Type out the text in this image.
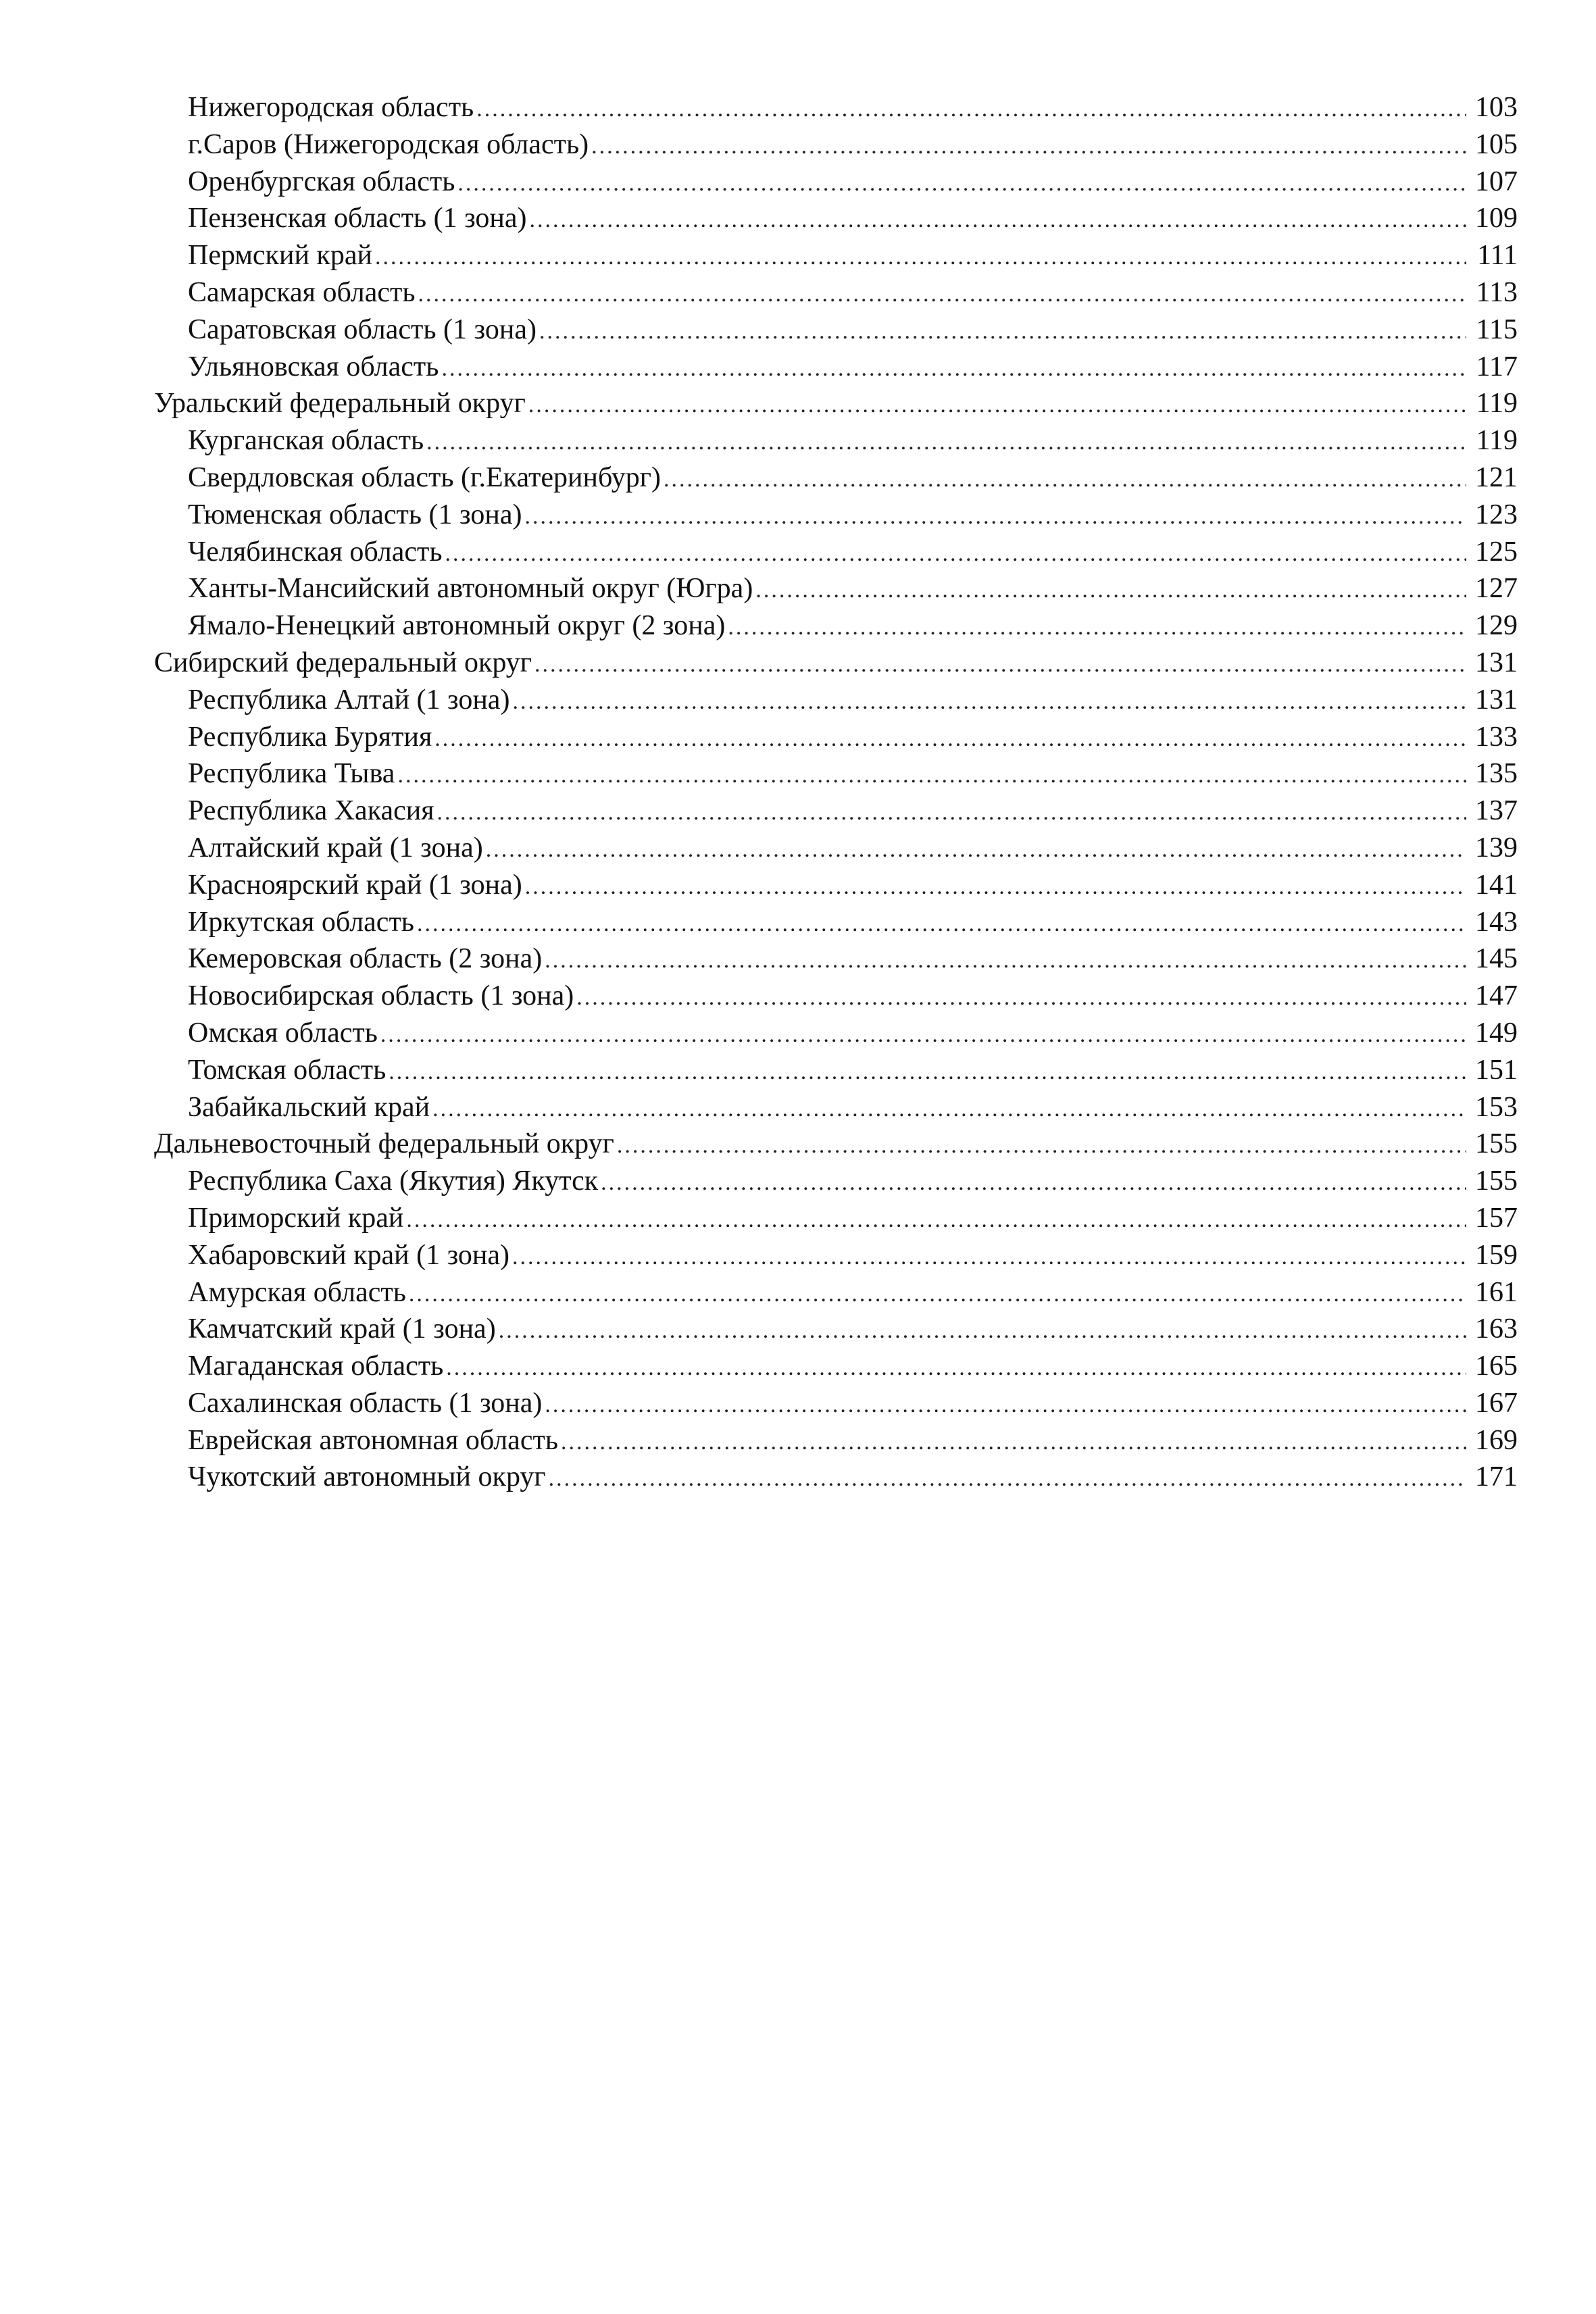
Нижегородская область .....	103
г.Саров (Нижегородская область) .....	105
Оренбургская область .....	107
Пензенская область (1 зона) .....	109
Пермский край .....	111
Самарская область .....	113
Саратовская область (1 зона) .....	115
Ульяновская область .....	117
Уральский федеральный округ .....	119
Курганская область .....	119
Свердловская область (г.Екатеринбург) .....	121
Тюменская область (1 зона) .....	123
Челябинская область .....	125
Ханты-Мансийский автономный округ (Югра) .....	127
Ямало-Ненецкий автономный округ (2 зона) .....	129
Сибирский федеральный округ .....	131
Республика Алтай (1 зона) .....	131
Республика Бурятия .....	133
Республика Тыва .....	135
Республика Хакасия .....	137
Алтайский край (1 зона) .....	139
Красноярский край (1 зона) .....	141
Иркутская область .....	143
Кемеровская область (2 зона) .....	145
Новосибирская область (1 зона) .....	147
Омская область .....	149
Томская область .....	151
Забайкальский край .....	153
Дальневосточный федеральный округ .....	155
Республика Саха (Якутия) Якутск .....	155
Приморский край .....	157
Хабаровский край (1 зона) .....	159
Амурская область .....	161
Камчатский край (1 зона) .....	163
Магаданская область .....	165
Сахалинская область (1 зона) .....	167
Еврейская автономная область .....	169
Чукотский автономный округ .....	171
